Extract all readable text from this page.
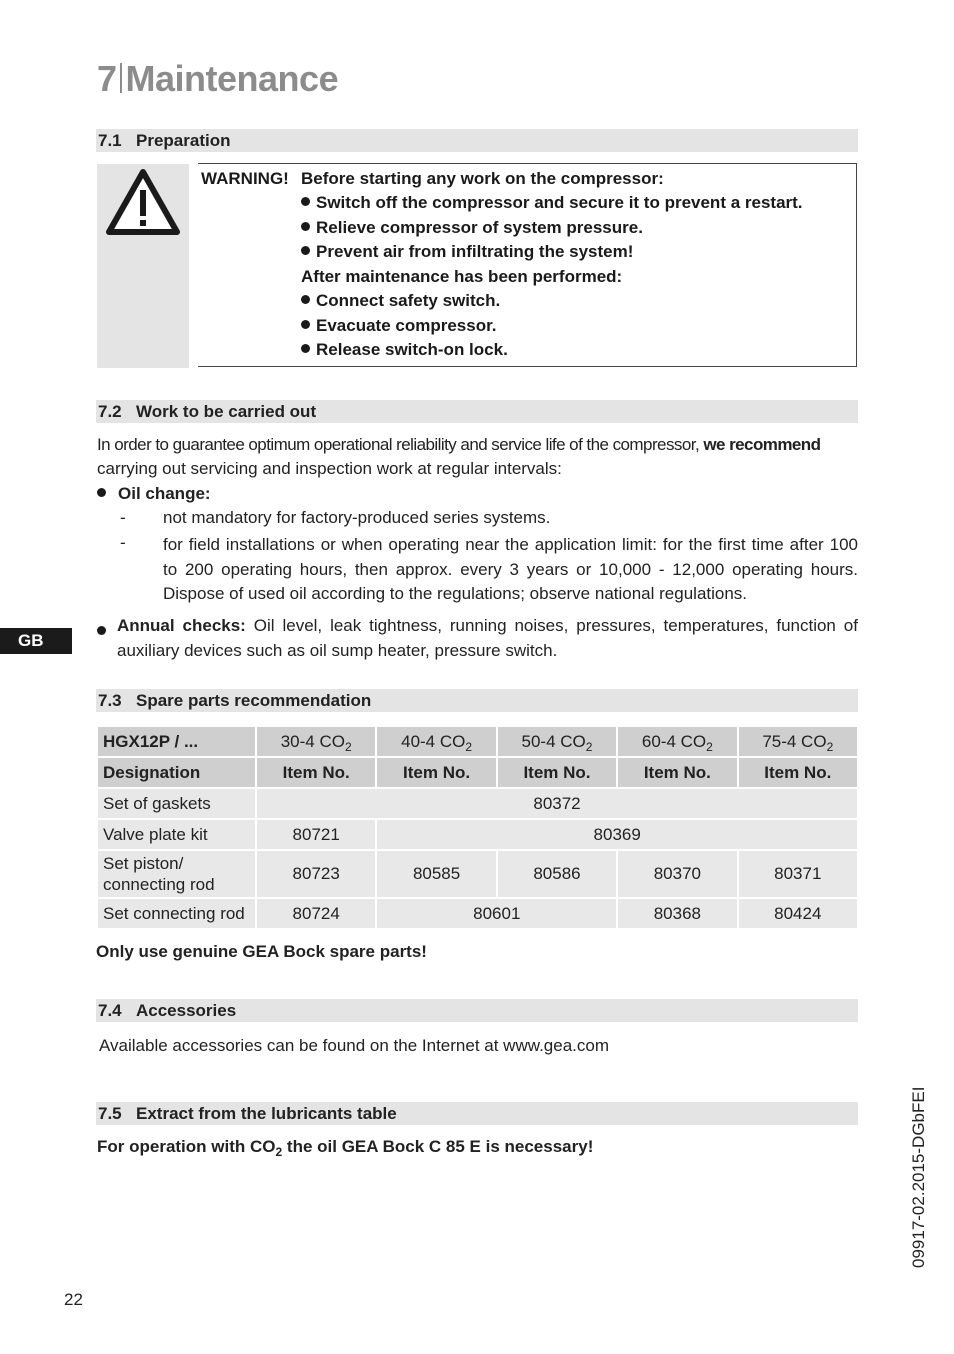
7 Maintenance
7.1 Preparation
WARNING! Before starting any work on the compressor:
Switch off the compressor and secure it to prevent a restart.
Relieve compressor of system pressure.
Prevent air from infiltrating the system!
After maintenance has been performed:
Connect safety switch.
Evacuate compressor.
Release switch-on lock.
7.2 Work to be carried out
In order to guarantee optimum operational reliability and service life of the compressor, we recommend
carrying out servicing and inspection work at regular intervals:
Oil change:
- not mandatory for factory-produced series systems.
- for field installations or when operating near the application limit: for the first time after 100 to 200 operating hours, then approx. every 3 years or 10,000 - 12,000 operating hours. Dispose of used oil according to the regulations; observe national regulations.
Annual checks: Oil level, leak tightness, running noises, pressures, temperatures, function of auxiliary devices such as oil sump heater, pressure switch.
GB
7.3 Spare parts recommendation
HGX12P / ...	30-4 $CO_2$	40-4 $CO_2$	50-4 $CO_2$	60-4 $CO_2$	75-4 $CO_2$
Designation	Item No.	Item No.	Item No.	Item No.	Item No.
Set of gaskets	80372				
Valve plate kit	80721	80369			
Set piston/
connecting rod	80723	80585	80586	80370	80371
Set connecting rod	80724	80601		80368	80424
Only use genuine GEA Bock spare parts!
7.4 Accessories
Available accessories can be found on the Internet at www.gea.com
7.5 Extract from the lubricants table
For operation with $CO_2$ the oil GEA Bock C 85 E is necessary!	09917-02.2015-DGbFEI
22
